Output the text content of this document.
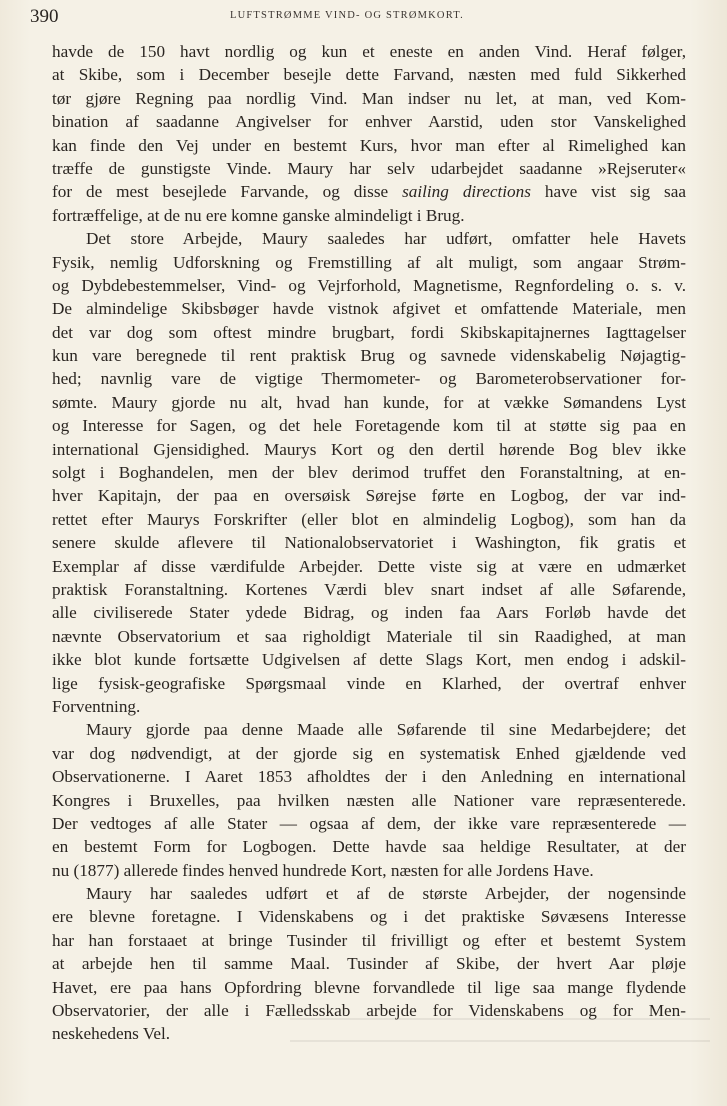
390	LUFTSTRØMME VIND- OG STRØMKORT.
havde de 150 havt nordlig og kun et eneste en anden Vind. Heraf følger,
at Skibe, som i December besejle dette Farvand, næsten med fuld Sikkerhed
tør gjøre Regning paa nordlig Vind. Man indser nu let, at man, ved Kom-
bination af saadanne Angivelser for enhver Aarstid, uden stor Vanskelighed
kan finde den Vej under en bestemt Kurs, hvor man efter al Rimelighed kan
træffe de gunstigste Vinde. Maury har selv udarbejdet saadanne »Rejseruter«
for de mest besejlede Farvande, og disse sailing directions have vist sig saa
fortræffelige, at de nu ere komne ganske almindeligt i Brug.
Det store Arbejde, Maury saaledes har udført, omfatter hele Havets
Fysik, nemlig Udforskning og Fremstilling af alt muligt, som angaar Strøm-
og Dybdebestemmelser, Vind- og Vejrforhold, Magnetisme, Regnfordeling o. s. v.
De almindelige Skibsbøger havde vistnok afgivet et omfattende Materiale, men
det var dog som oftest mindre brugbart, fordi Skibskapitajnernes Iagttagelser
kun vare beregnede til rent praktisk Brug og savnede videnskabelig Nøjagtig-
hed; navnlig vare de vigtige Thermometer- og Barometerobservationer for-
sømte. Maury gjorde nu alt, hvad han kunde, for at vække Sømandens Lyst
og Interesse for Sagen, og det hele Foretagende kom til at støtte sig paa en
international Gjensidighed. Maurys Kort og den dertil hørende Bog blev ikke
solgt i Boghandelen, men der blev derimod truffet den Foranstaltning, at en-
hver Kapitajn, der paa en oversøisk Sørejse førte en Logbog, der var ind-
rettet efter Maurys Forskrifter (eller blot en almindelig Logbog), som han da
senere skulde aflevere til Nationalobservatoriet i Washington, fik gratis et
Exemplar af disse værdifulde Arbejder. Dette viste sig at være en udmærket
praktisk Foranstaltning. Kortenes Værdi blev snart indset af alle Søfarende,
alle civiliserede Stater ydede Bidrag, og inden faa Aars Forløb havde det
nævnte Observatorium et saa righoldigt Materiale til sin Raadighed, at man
ikke blot kunde fortsætte Udgivelsen af dette Slags Kort, men endog i adskil-
lige fysisk-geografiske Spørgsmaal vinde en Klarhed, der overtraf enhver
Forventning.
Maury gjorde paa denne Maade alle Søfarende til sine Medarbejdere; det
var dog nødvendigt, at der gjorde sig en systematisk Enhed gjældende ved
Observationerne. I Aaret 1853 afholdtes der i den Anledning en international
Kongres i Bruxelles, paa hvilken næsten alle Nationer vare repræsenterede.
Der vedtoges af alle Stater — ogsaa af dem, der ikke vare repræsenterede —
en bestemt Form for Logbogen. Dette havde saa heldige Resultater, at der
nu (1877) allerede findes henved hundrede Kort, næsten for alle Jordens Have.
Maury har saaledes udført et af de største Arbejder, der nogensinde
ere blevne foretagne. I Videnskabens og i det praktiske Søvæsens Interesse
har han forstaaet at bringe Tusinder til frivilligt og efter et bestemt System
at arbejde hen til samme Maal. Tusinder af Skibe, der hvert Aar pløje
Havet, ere paa hans Opfordring blevne forvandlede til lige saa mange flydende
Observatorier, der alle i Fælledsskab arbejde for Videnskabens og for Men-
neskehedens Vel.
